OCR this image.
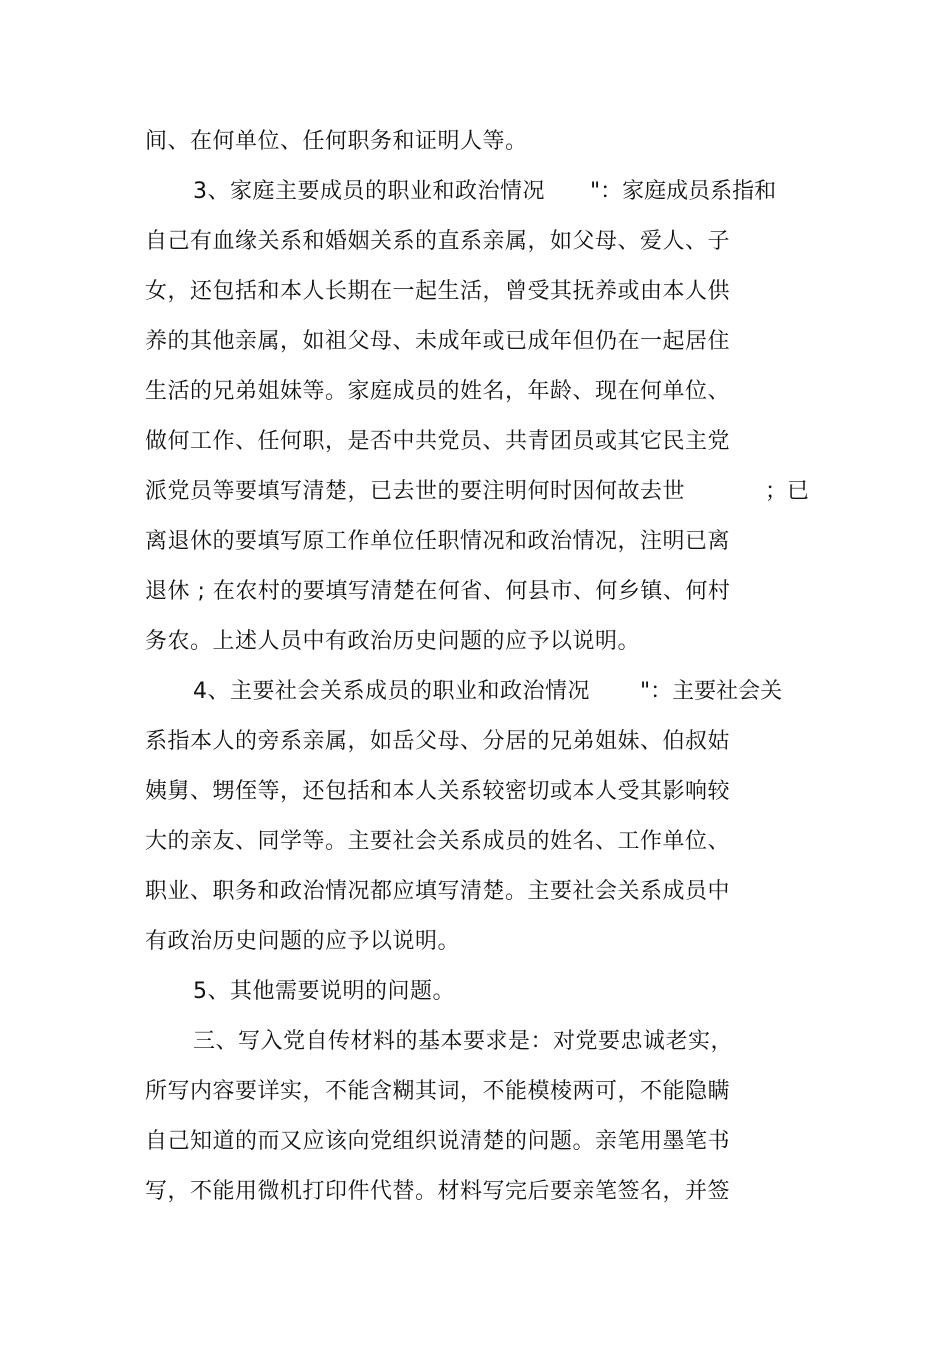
间、在何单位、任何职务和证明人等。
3、家庭主要成员的职业和政治情况 "：家庭成员系指和
自己有血缘关系和婚姻关系的直系亲属，如父母、爱人、子
女，还包括和本人长期在一起生活，曾受其抚养或由本人供
养的其他亲属，如祖父母、未成年或已成年但仍在一起居住
生活的兄弟姐妹等。家庭成员的姓名，年龄、现在何单位、
做何工作、任何职，是否中共党员、共青团员或其它民主党
派党员等要填写清楚，已去世的要注明何时因何故去世	；已
离退休的要填写原工作单位任职情况和政治情况，注明已离
退休 ; 在农村的要填写清楚在何省、何县市、何乡镇、何村
务农。上述人员中有政治历史问题的应予以说明。
4、主要社会关系成员的职业和政治情况 "：主要社会关
系指本人的旁系亲属，如岳父母、分居的兄弟姐妹、伯叔姑
姨舅、甥侄等，还包括和本人关系较密切或本人受其影响较
大的亲友、同学等。主要社会关系成员的姓名、工作单位、
职业、职务和政治情况都应填写清楚。主要社会关系成员中
有政治历史问题的应予以说明。
5、其他需要说明的问题。
三、写入党自传材料的基本要求是：对党要忠诚老实，
所写内容要详实，不能含糊其词，不能模棱两可，不能隐瞒
自己知道的而又应该向党组织说清楚的问题。亲笔用墨笔书
写，不能用微机打印件代替。材料写完后要亲笔签名，并签
